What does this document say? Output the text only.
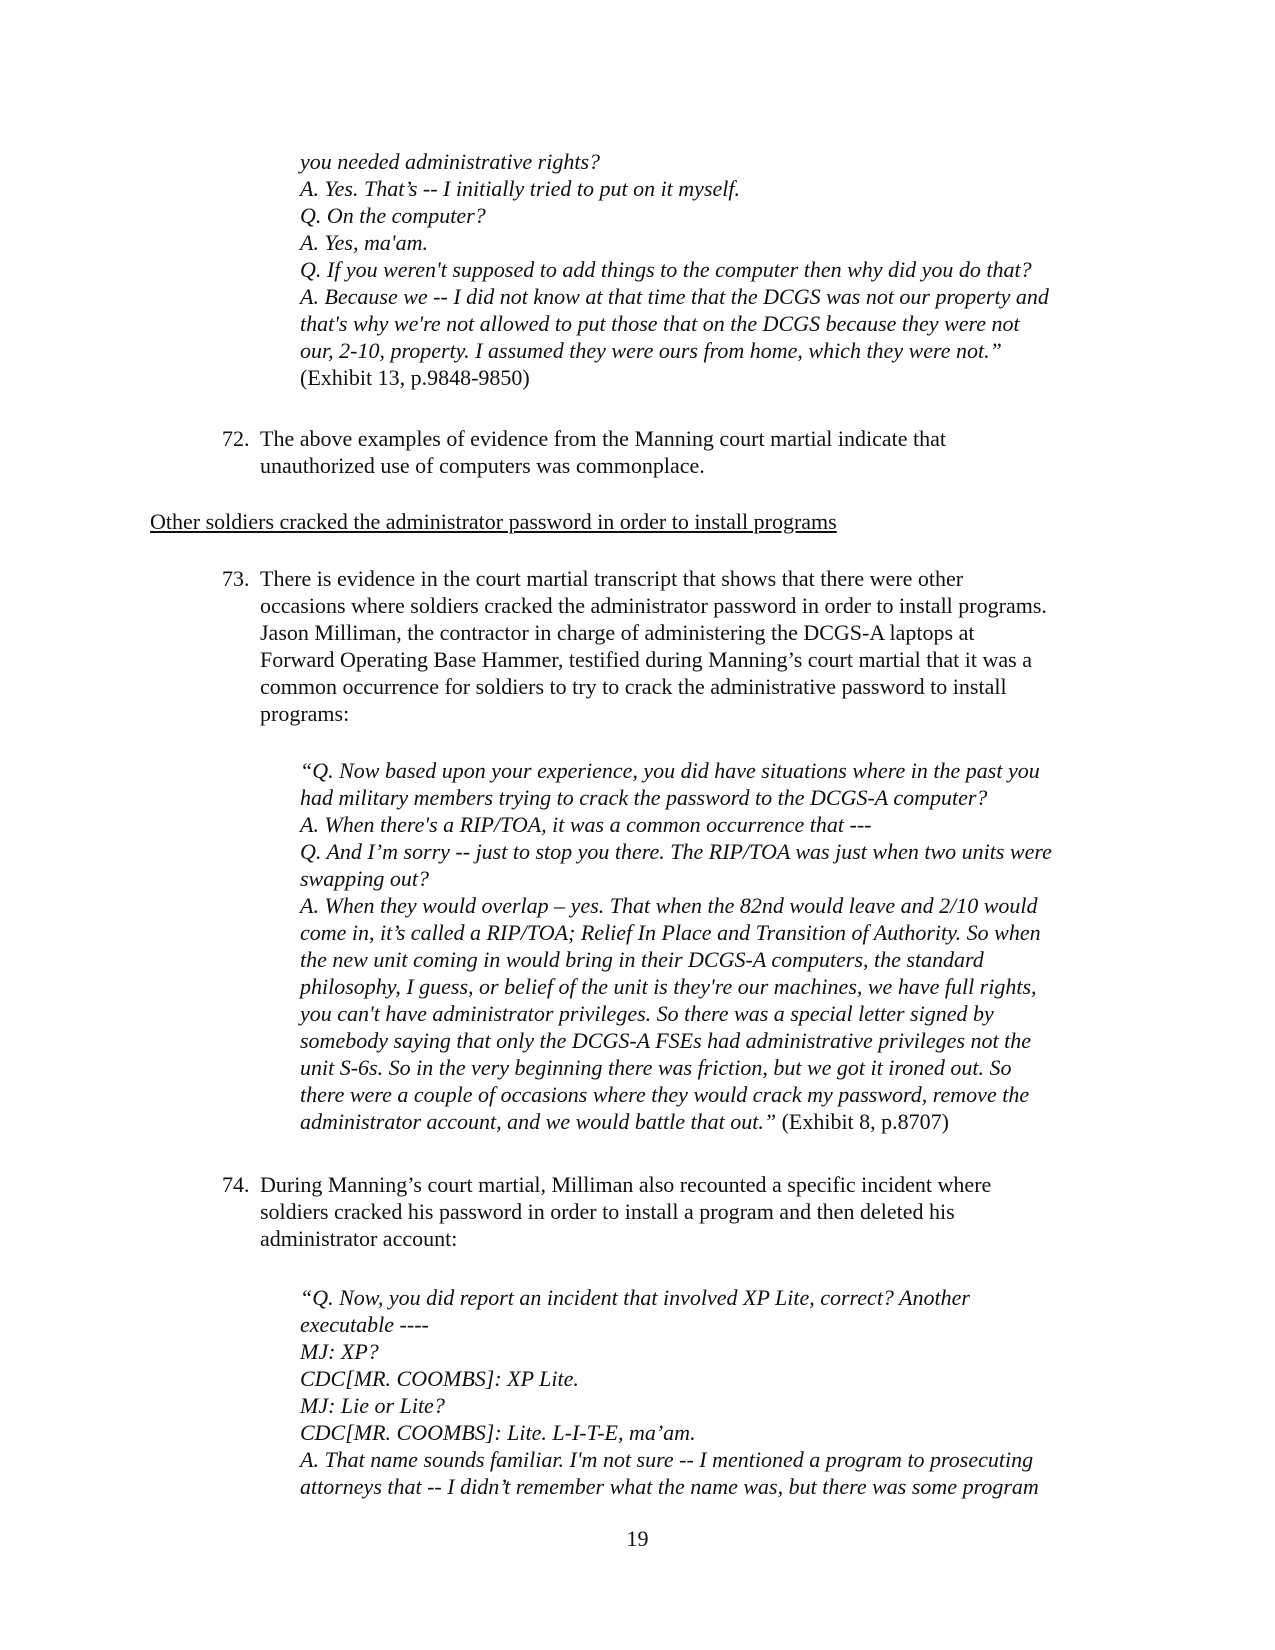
you needed administrative rights?
A. Yes. That’s -- I initially tried to put on it myself.
Q. On the computer?
A. Yes, ma'am.
Q. If you weren't supposed to add things to the computer then why did you do that?
A. Because we -- I did not know at that time that the DCGS was not our property and
that's why we're not allowed to put those that on the DCGS because they were not
our, 2-10, property. I assumed they were ours from home, which they were not.”
(Exhibit 13, p.9848-9850)
72. The above examples of evidence from the Manning court martial indicate that
unauthorized use of computers was commonplace.
Other soldiers cracked the administrator password in order to install programs
73. There is evidence in the court martial transcript that shows that there were other
occasions where soldiers cracked the administrator password in order to install programs.
Jason Milliman, the contractor in charge of administering the DCGS-A laptops at
Forward Operating Base Hammer, testified during Manning’s court martial that it was a
common occurrence for soldiers to try to crack the administrative password to install
programs:
“Q. Now based upon your experience, you did have situations where in the past you
had military members trying to crack the password to the DCGS-A computer?
A. When there's a RIP/TOA, it was a common occurrence that ---
Q. And I’m sorry -- just to stop you there. The RIP/TOA was just when two units were
swapping out?
A. When they would overlap – yes. That when the 82nd would leave and 2/10 would
come in, it’s called a RIP/TOA; Relief In Place and Transition of Authority. So when
the new unit coming in would bring in their DCGS-A computers, the standard
philosophy, I guess, or belief of the unit is they're our machines, we have full rights,
you can't have administrator privileges. So there was a special letter signed by
somebody saying that only the DCGS-A FSEs had administrative privileges not the
unit S-6s. So in the very beginning there was friction, but we got it ironed out. So
there were a couple of occasions where they would crack my password, remove the
administrator account, and we would battle that out.” (Exhibit 8, p.8707)
74. During Manning’s court martial, Milliman also recounted a specific incident where
soldiers cracked his password in order to install a program and then deleted his
administrator account:
“Q. Now, you did report an incident that involved XP Lite, correct? Another
executable ----
MJ: XP?
CDC[MR. COOMBS]: XP Lite.
MJ: Lie or Lite?
CDC[MR. COOMBS]: Lite. L-I-T-E, ma’am.
A. That name sounds familiar. I'm not sure -- I mentioned a program to prosecuting
attorneys that -- I didn’t remember what the name was, but there was some program
19
